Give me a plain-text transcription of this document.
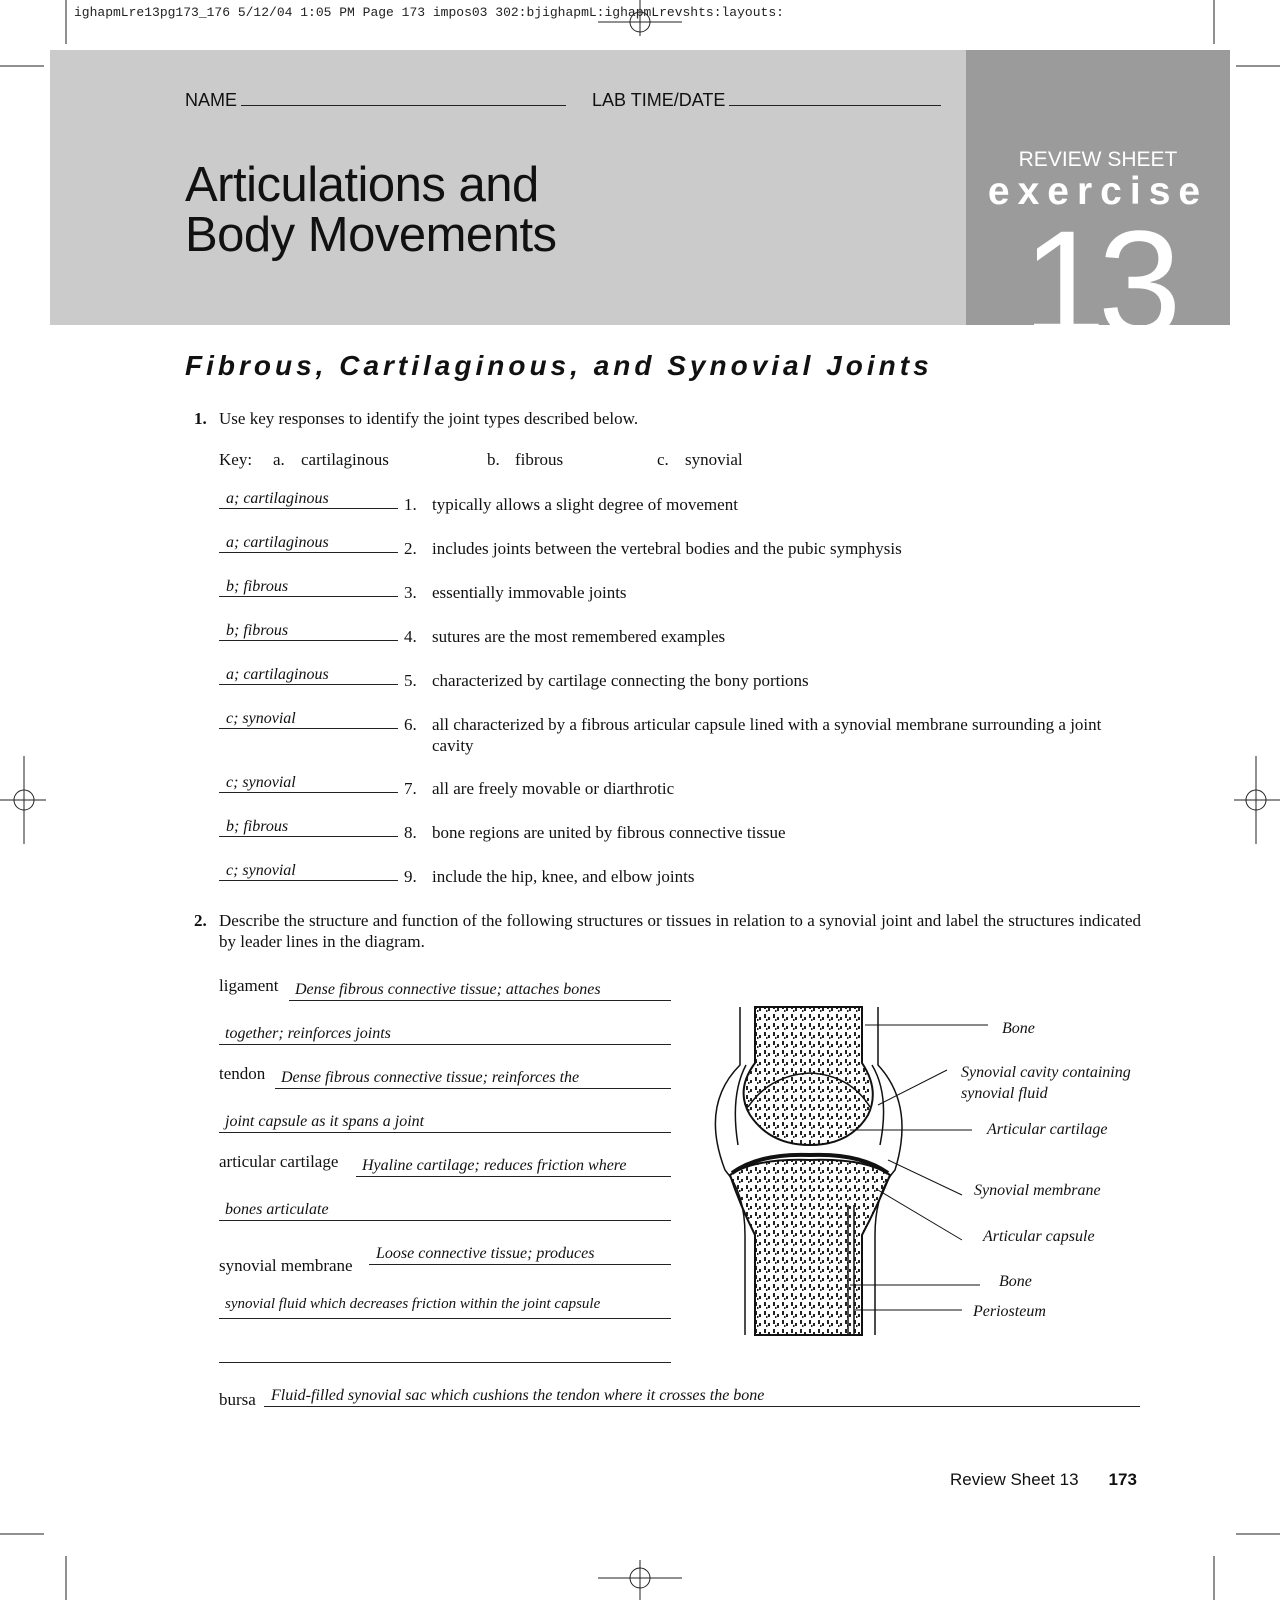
ighapmLre13pg173_176 5/12/04 1:05 PM Page 173 impos03 302:bjighapmL:ighapmLrevshts:layouts:
NAME	LAB TIME/DATE
Articulations and
Body Movements
REVIEW SHEET
exercise
13
Fibrous, Cartilaginous, and Synovial Joints
1. Use key responses to identify the joint types described below.
Key: a. cartilaginous	b. fibrous	c. synovial
a; cartilaginous	1. typically allows a slight degree of movement
a; cartilaginous	2. includes joints between the vertebral bodies and the pubic symphysis
b; fibrous	3. essentially immovable joints
b; fibrous	4. sutures are the most remembered examples
a; cartilaginous	5. characterized by cartilage connecting the bony portions
c; synovial	6. all characterized by a fibrous articular capsule lined with a synovial membrane surrounding a joint cavity
c; synovial	7. all are freely movable or diarthrotic
b; fibrous	8. bone regions are united by fibrous connective tissue
c; synovial	9. include the hip, knee, and elbow joints
2. Describe the structure and function of the following structures or tissues in relation to a synovial joint and label the structures indicated by leader lines in the diagram.
ligament Dense fibrous connective tissue; attaches bones
together; reinforces joints
tendon Dense fibrous connective tissue; reinforces the
joint capsule as it spans a joint
articular cartilage Hyaline cartilage; reduces friction where
bones articulate
synovial membrane
Loose connective tissue; produces
synovial fluid which decreases friction within the joint capsule
bursa Fluid-filled synovial sac which cushions the tendon where it crosses the bone
Bone
Synovial cavity containing
synovial fluid
Articular cartilage
Synovial membrane
Articular capsule
Bone
Periosteum
Review Sheet 13 173
